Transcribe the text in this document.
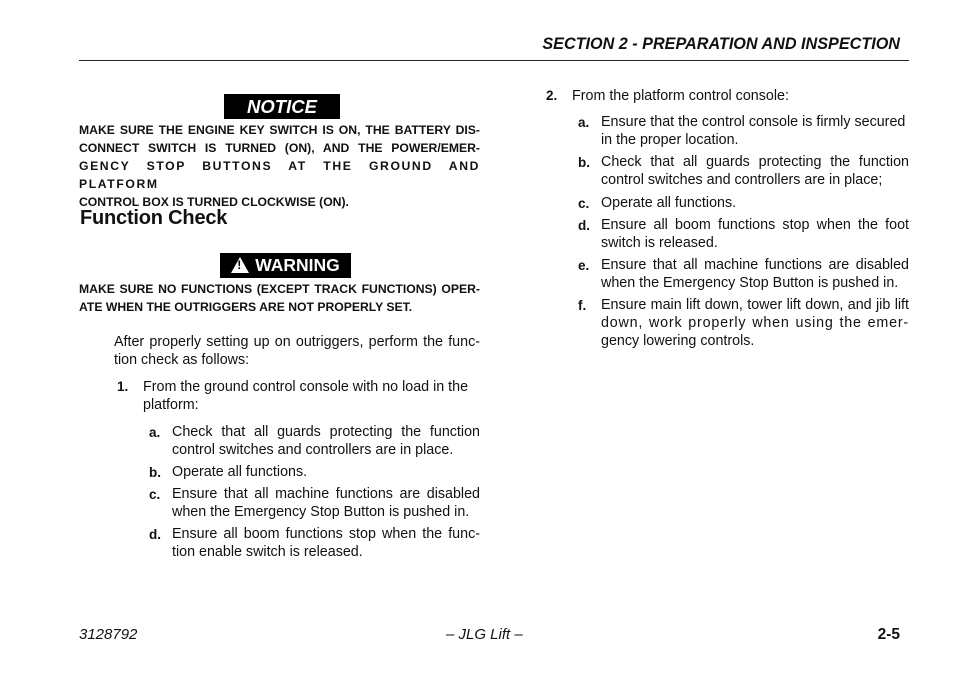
SECTION 2 - PREPARATION AND INSPECTION
NOTICE
MAKE SURE THE ENGINE KEY SWITCH IS ON, THE BATTERY DIS-
CONNECT SWITCH IS TURNED (ON), AND THE POWER/EMER-
GENCY STOP BUTTONS AT THE GROUND AND PLATFORM
CONTROL BOX IS TURNED CLOCKWISE (ON).
Function Check
!WARNING
MAKE SURE NO FUNCTIONS (EXCEPT TRACK FUNCTIONS) OPER-
ATE WHEN THE OUTRIGGERS ARE NOT PROPERLY SET.
After properly setting up on outriggers, perform the func-
tion check as follows:
1. From the ground control console with no load in the
platform:
a. Check that all guards protecting the function
control switches and controllers are in place.
b. Operate all functions.
c. Ensure that all machine functions are disabled
when the Emergency Stop Button is pushed in.
d. Ensure all boom functions stop when the func-
tion enable switch is released.
2. From the platform control console:
a. Ensure that the control console is firmly secured
in the proper location.
b. Check that all guards protecting the function
control switches and controllers are in place;
c. Operate all functions.
d. Ensure all boom functions stop when the foot
switch is released.
e. Ensure that all machine functions are disabled
when the Emergency Stop Button is pushed in.
f. Ensure main lift down, tower lift down, and jib lift
down, work properly when using the emer-
gency lowering controls.
3128792	– JLG Lift –	2-5
